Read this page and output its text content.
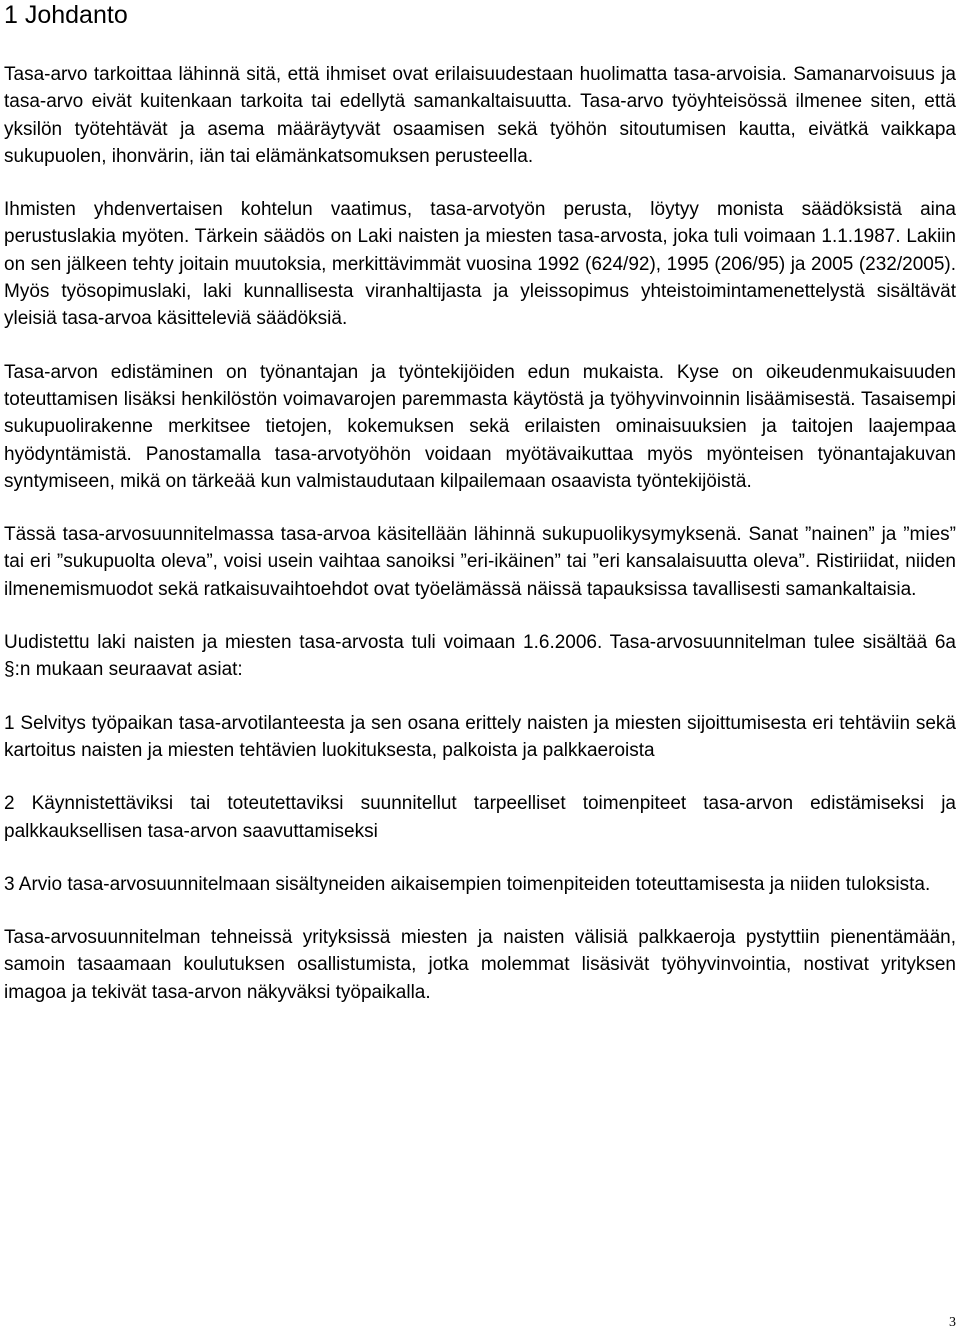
1 Johdanto

Tasa-arvo tarkoittaa lähinnä sitä, että ihmiset ovat erilaisuudestaan huolimatta tasa-arvoisia. Samanarvoisuus ja tasa-arvo eivät kuitenkaan tarkoita tai edellytä samankaltaisuutta. Tasa-arvo työyhteisössä ilmenee siten, että yksilön työtehtävät ja asema määräytyvät osaamisen sekä työhön sitoutumisen kautta, eivätkä vaikkapa sukupuolen, ihonvärin, iän tai elämänkatsomuksen perusteella.

Ihmisten yhdenvertaisen kohtelun vaatimus, tasa-arvotyön perusta, löytyy monista säädöksistä aina perustuslakia myöten. Tärkein säädös on Laki naisten ja miesten tasa-arvosta, joka tuli voimaan 1.1.1987. Lakiin on sen jälkeen tehty joitain muutoksia, merkittävimmät vuosina 1992 (624/92), 1995 (206/95) ja 2005 (232/2005). Myös työsopimuslaki, laki kunnallisesta viranhaltijasta ja yleissopimus yhteistoimintamenettelystä sisältävät yleisiä tasa-arvoa käsitteleviä säädöksiä.

Tasa-arvon edistäminen on työnantajan ja työntekijöiden edun mukaista. Kyse on oikeudenmukaisuuden toteuttamisen lisäksi henkilöstön voimavarojen paremmasta käytöstä ja työhyvinvoinnin lisäämisestä. Tasaisempi sukupuolirakenne merkitsee tietojen, kokemuksen sekä erilaisten ominaisuuksien ja taitojen laajempaa hyödyntämistä. Panostamalla tasa-arvotyöhön voidaan myötävaikuttaa myös myönteisen työnantajakuvan syntymiseen, mikä on tärkeää kun valmistaudutaan kilpailemaan osaavista työntekijöistä.

Tässä tasa-arvosuunnitelmassa tasa-arvoa käsitellään lähinnä sukupuolikysymyksenä. Sanat ”nainen” ja ”mies” tai eri ”sukupuolta oleva”, voisi usein vaihtaa sanoiksi ”eri-ikäinen” tai ”eri kansalaisuutta oleva”. Ristiriidat, niiden ilmenemismuodot sekä ratkaisuvaihtoehdot ovat työelämässä näissä tapauksissa tavallisesti samankaltaisia.

Uudistettu laki naisten ja miesten tasa-arvosta tuli voimaan 1.6.2006. Tasa-arvosuunnitelman tulee sisältää 6a §:n mukaan seuraavat asiat:

1 Selvitys työpaikan tasa-arvotilanteesta ja sen osana erittely naisten ja miesten sijoittumisesta eri tehtäviin sekä kartoitus naisten ja miesten tehtävien luokituksesta, palkoista ja palkkaeroista

2 Käynnistettäviksi tai toteutettaviksi suunnitellut tarpeelliset toimenpiteet tasa-arvon edistämiseksi ja palkkauksellisen tasa-arvon saavuttamiseksi

3 Arvio tasa-arvosuunnitelmaan sisältyneiden aikaisempien toimenpiteiden toteuttamisesta ja niiden tuloksista.

Tasa-arvosuunnitelman tehneissä yrityksissä miesten ja naisten välisiä palkkaeroja pystyttiin pienentämään, samoin tasaamaan koulutuksen osallistumista, jotka molemmat lisäsivät työhyvinvointia, nostivat yrityksen imagoa ja tekivät tasa-arvon näkyväksi työpaikalla.

3
